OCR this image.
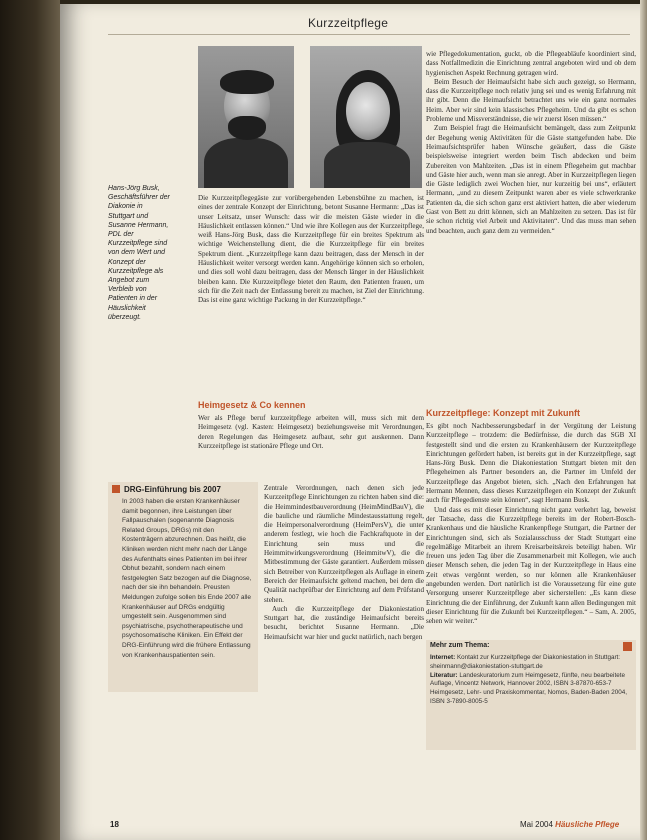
Kurzzeitpflege
Hans-Jörg Busk, Geschäftsführer der Diakonie in Stuttgart und Susanne Hermann, PDL der Kurzzeitpflege sind von dem Wert und Konzept der Kurzzeitpflege als Angebot zum Verbleib von Patienten in der Häuslichkeit überzeugt.

Die Kurzzeitpflegegäste zur vorübergehenden Lebensbühne zu machen, ist eines der zentrale Konzept der Einrichtung, betont Susanne Hermann: „Das ist unser Leitsatz, unser Wunsch: dass wir die meisten Gäste wieder in die Häuslichkeit entlassen können.“ Und wie ihre Kollegen aus der Kurzzeitpflege, weiß Hans-Jörg Busk, dass die Kurzzeitpflege für ein breites Spektrum als wichtige Weichenstellung dient, die die Kurzzeitpflege für ein breites Spektrum dient. „Kurzzeitpflege kann dazu beitragen, dass der Mensch in der Häuslichkeit weiter versorgt werden kann. Angehörige können sich so erholen, und dies soll wohl dazu beitragen, dass der Mensch länger in der Häuslichkeit bleiben kann. Die Kurzzeitpflege bietet den Raum, den Patienten frauen, um sich für die Zeit nach der Entlassung bereit zu machen, ist Ziel der Einrichtung. Das ist eine ganz wichtige Packung in der Kurzzeitpflege.“

Heimgesetz & Co kennen

Wer als Pflege beruf kurzzeitpflege arbeiten will, muss sich mit dem Heimgesetz (vgl. Kasten: Heimgesetz) beziehungsweise mit Verordnungen, deren Regelungen das Heimgesetz aufbaut, sehr gut auskennen. Dann Kurzzeitpflege ist stationäre Pflege und Ort.

Zentrale Verordnungen, nach denen sich jede Kurzzeitpflege Einrichtungen zu richten haben sind die: die Heimmindestbauverordnung (HeimMindBauV), die die bauliche und räumliche Mindestausstattung regelt, die Heimpersonalverordnung (HeimPersV), die unter anderem festlegt, wie hoch die Fachkraftquote in der Einrichtung sein muss und die Heimmitwirkungsverordnung (HeimmitwV), die die Mitbestimmung der Gäste garantiert. Außerdem müssen sich Betreiber von Kurzzeitpflegen als Auflage in einem Bereich der Heimaufsicht geltend machen, bei dem die Qualität nachprüfbar der Einrichtung auf dem Prüfstand stehen.

Auch die Kurzzeitpflege der Diakoniestation Stuttgart hat, die zuständige Heimaufsicht bereits besucht, berichtet Susanne Hermann. „Die Heimaufsicht war hier und guckt natürlich, nach bergen

DRG-Einführung bis 2007
In 2003 haben die ersten Krankenhäuser damit begonnen, ihre Leistungen über Fallpauschalen (sogenannte Diagnosis Related Groups, DRGs) mit den Kostenträgern abzurechnen. Das heißt, die Kliniken werden nicht mehr nach der Länge des Aufenthalts eines Patienten im bei ihrer Obhut bezahlt, sondern nach einem festgelegten Satz bezogen auf die Diagnose, nach der sie ihn behandeln. Preusten Meldungen zufolge sollen bis Ende 2007 alle Krankenhäuser auf DRGs endgültig umgestellt sein. Ausgenommen sind psychiatrische, psychotherapeutische und psychosomatische Kliniken. Ein Effekt der DRG-Einführung wird die frühere Entlassung von Krankenhauspatienten sein.

wie Pflegedokumentation, guckt, ob die Pflegeabläufe koordiniert sind, dass Notfallmedizin die Einrichtung zentral angeboten wird und ob dem hygienischen Aspekt Rechnung getragen wird.

Beim Besuch der Heimaufsicht habe sich auch gezeigt, so Hermann, dass die Kurzzeitpflege noch relativ jung sei und es wenig Erfahrung mit ihr gibt. Denn die Heimaufsicht betrachtet uns wie ein ganz normales Heim. Aber wir sind kein klassisches Pflegeheim. Und da gibt es schon Probleme und Missverständnisse, die wir zuerst lösen müssen.“

Zum Beispiel fragt die Heimaufsicht bemängelt, dass zum Zeitpunkt der Begehung wenig Aktivitäten für die Gäste stattgefunden habe. Die Heimaufsichtsprüfer haben Wünsche geäußert, dass die Gäste beispielsweise integriert werden beim Tisch abdecken und beim Zubereiten von Mahlzeiten. „Das ist in einem Pflegeheim gut machbar und Gäste hier auch, wenn man sie anregt. Aber in Kurzzeitpflegen liegen die Gäste lediglich zwei Wochen hier, nur kurzeitig bei uns“, erläutert Hermann, „und zu diesem Zeitpunkt waren aber es viele schwerkranke Patienten da, die sich schon ganz erst aktiviert hatten, die aber wiederum Gast von Bett zu dritt können, sich an Mahlzeiten zu setzen. Das ist für sie schon richtig viel Arbeit und Aktivitaten“. Und das muss man sehen und beachten, auch ganz dem zu vermeiden.“

Kurzzeitpflege: Konzept mit Zukunft

Es gibt noch Nachbesserungsbedarf in der Vergütung der Leistung Kurzzeitpflege – trotzdem: die Bedürfnisse, die durch das SGB XI festgestellt sind und die ersten zu Krankenhäusern der Kurzzeitpflege Einrichtungen gefördert haben, ist bereits gut in der Kurzzeitpflege, sagt Hans-Jörg Busk. Denn die Diakoniestation Stuttgart bieten mit den Pflegeheimen als Partner besonders an, die Partner im Umfeld der Kurzzeitpflege das Angebot bieten, sich. „Nach den Erfahrungen hat Hermann Mennen, dass dieses Kurzzeitpflegen ein Konzept der Zukunft auch für Pflegedienste sein können“, sagt Hermann Busk.

Und dass es mit dieser Einrichtung nicht ganz verkehrt lag, beweist der Tatsache, dass die Kurzzeitpflege bereits im der Robert-Bosch-Krankenhaus und die häusliche Krankenpflege Stuttgart, die Partner der Einrichtungen sind, sich als Sozialausschuss der Stadt Stuttgart eine regelmäßige Mitarbeit an ihrem Kreisarbeitskreis beteiligt haben. Wir freuen uns jeden Tag über die Zusammenarbeit mit Kollegen, wie auch dieser Mensch sehen, die jeden Tag in der Kurzzeitpflege in Haus eine Zeit etwas vergönnt werden, so nur können alle Krankenhäuser angebunden werden. Dort natürlich ist die Voraussetzung für eine gute Versorgung unserer Kurzzeitpflege aber sicherstellen: „Es kann diese Einrichtung die der Einführung, der Zukunft kann allen Bedingungen mit dieser Einrichtung für die Zukunft bei Kurzzeitpflegen.“ – Sam, A. 2005, sehen wir weiter.“

Mehr zum Thema:
Internet: Kontakt zur Kurzzeitpflege der Diakoniestation in Stuttgart: sheinmann@diakoniestation-stuttgart.de
Literatur: Landeskuratorium zum Heimgesetz, fünfte, neu bearbeitete Auflage, Vincentz Network, Hannover 2002, ISBN 3-87870-653-7
Heimgesetz, Lehr- und Praxiskommentar, Nomos, Baden-Baden 2004, ISBN 3-7890-8005-5
18	Mai 2004 Häusliche Pflege
